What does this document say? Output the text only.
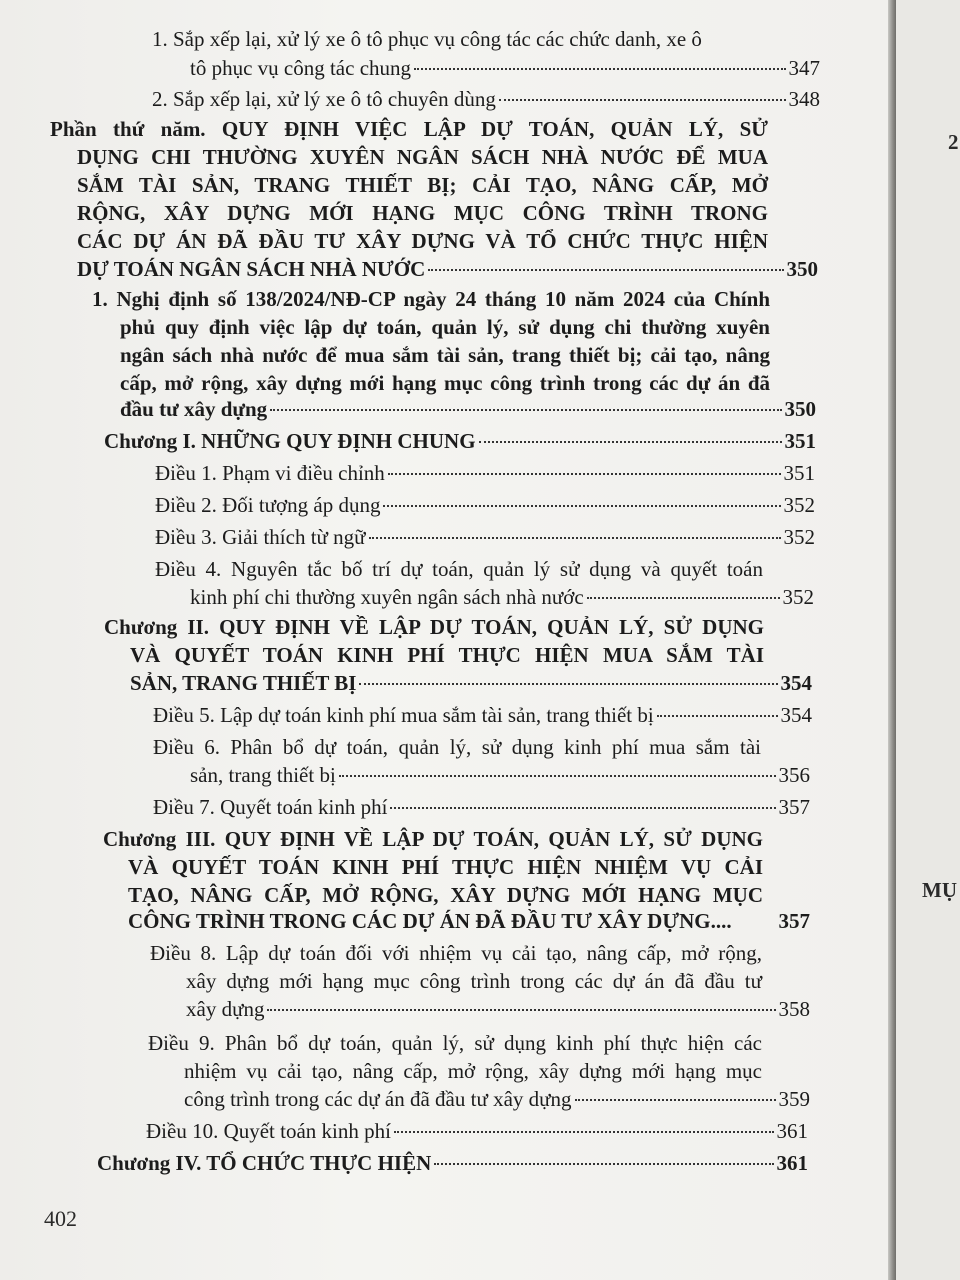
1. Sắp xếp lại, xử lý xe ô tô phục vụ công tác các chức danh, xe ô
tô phục vụ công tác chung	347
2. Sắp xếp lại, xử lý xe ô tô chuyên dùng	348
Phần thứ năm. QUY ĐỊNH VIỆC LẬP DỰ TOÁN, QUẢN LÝ, SỬ
DỤNG CHI THƯỜNG XUYÊN NGÂN SÁCH NHÀ NƯỚC ĐỂ MUA
SẮM TÀI SẢN, TRANG THIẾT BỊ; CẢI TẠO, NÂNG CẤP, MỞ
RỘNG, XÂY DỰNG MỚI HẠNG MỤC CÔNG TRÌNH TRONG
CÁC DỰ ÁN ĐÃ ĐẦU TƯ XÂY DỰNG VÀ TỔ CHỨC THỰC HIỆN
DỰ TOÁN NGÂN SÁCH NHÀ NƯỚC	350
1. Nghị định số 138/2024/NĐ-CP ngày 24 tháng 10 năm 2024 của Chính
phủ quy định việc lập dự toán, quản lý, sử dụng chi thường xuyên
ngân sách nhà nước để mua sắm tài sản, trang thiết bị; cải tạo, nâng
cấp, mở rộng, xây dựng mới hạng mục công trình trong các dự án đã
đầu tư xây dựng	350
Chương I. NHỮNG QUY ĐỊNH CHUNG	351
Điều 1. Phạm vi điều chỉnh	351
Điều 2. Đối tượng áp dụng	352
Điều 3. Giải thích từ ngữ	352
Điều 4. Nguyên tắc bố trí dự toán, quản lý sử dụng và quyết toán
kinh phí chi thường xuyên ngân sách nhà nước	352
Chương II. QUY ĐỊNH VỀ LẬP DỰ TOÁN, QUẢN LÝ, SỬ DỤNG
VÀ QUYẾT TOÁN KINH PHÍ THỰC HIỆN MUA SẮM TÀI
SẢN, TRANG THIẾT BỊ	354
Điều 5. Lập dự toán kinh phí mua sắm tài sản, trang thiết bị	354
Điều 6. Phân bổ dự toán, quản lý, sử dụng kinh phí mua sắm tài
sản, trang thiết bị	356
Điều 7. Quyết toán kinh phí	357
Chương III. QUY ĐỊNH VỀ LẬP DỰ TOÁN, QUẢN LÝ, SỬ DỤNG
VÀ QUYẾT TOÁN KINH PHÍ THỰC HIỆN NHIỆM VỤ CẢI
TẠO, NÂNG CẤP, MỞ RỘNG, XÂY DỰNG MỚI HẠNG MỤC
CÔNG TRÌNH TRONG CÁC DỰ ÁN ĐÃ ĐẦU TƯ XÂY DỰNG.... 357
Điều 8. Lập dự toán đối với nhiệm vụ cải tạo, nâng cấp, mở rộng,
xây dựng mới hạng mục công trình trong các dự án đã đầu tư
xây dựng	358
Điều 9. Phân bổ dự toán, quản lý, sử dụng kinh phí thực hiện các
nhiệm vụ cải tạo, nâng cấp, mở rộng, xây dựng mới hạng mục
công trình trong các dự án đã đầu tư xây dựng	359
Điều 10. Quyết toán kinh phí	361
Chương IV. TỔ CHỨC THỰC HIỆN	361
402
2
MỤ
